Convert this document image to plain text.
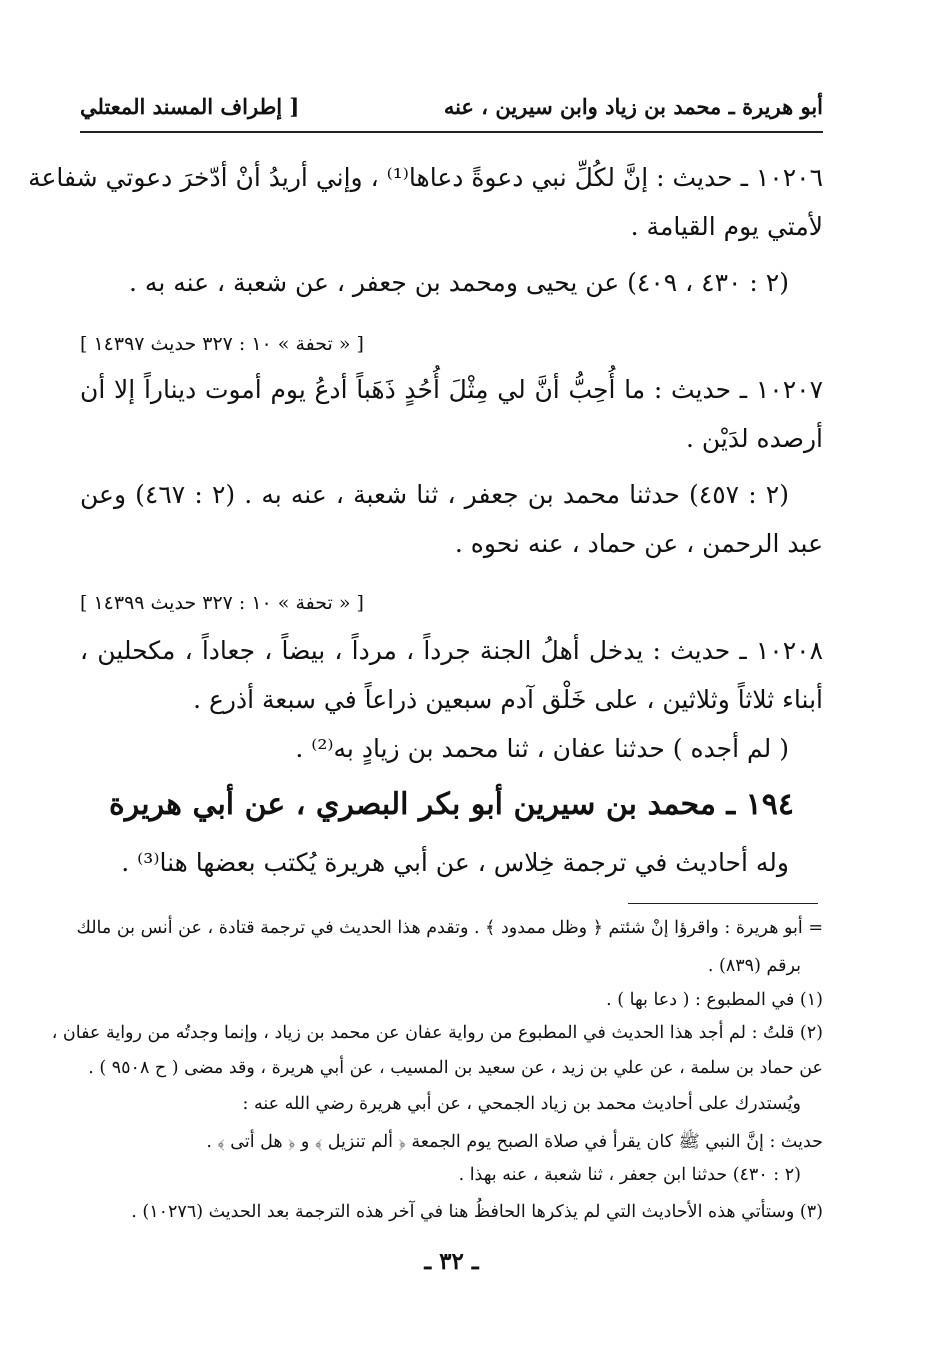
أبو هريرة ـ محمد بن زياد وابن سيرين ، عنه
[ إطراف المسند المعتلي
١٠٢٠٦ ـ حديث : إنَّ لكُلِّ نبي دعوةً دعاها⁽¹⁾ ، وإني أريدُ أنْ أدّخرَ دعوتي شفاعة
لأمتي يوم القيامة .
(٢ : ٤٣٠ ، ٤٠٩) عن يحيى ومحمد بن جعفر ، عن شعبة ، عنه به .
[ « تحفة » ١٠ : ٣٢٧ حديث ١٤٣٩٧ ]
١٠٢٠٧ ـ حديث : ما أُحِبُّ أنَّ لي مِثْلَ أُحُدٍ ذَهَباً أدعُ يوم أموت ديناراً إلا أن
أرصده لدَيْن .
(٢ : ٤٥٧) حدثنا محمد بن جعفر ، ثنا شعبة ، عنه به . (٢ : ٤٦٧) وعن
عبد الرحمن ، عن حماد ، عنه نحوه .
[ « تحفة » ١٠ : ٣٢٧ حديث ١٤٣٩٩ ]
١٠٢٠٨ ـ حديث : يدخل أهلُ الجنة جرداً ، مرداً ، بيضاً ، جعاداً ، مكحلين ،
أبناء ثلاثاً وثلاثين ، على خَلْق آدم سبعين ذراعاً في سبعة أذرع .
( لم أجده ) حدثنا عفان ، ثنا محمد بن زيادٍ به⁽²⁾ .
١٩٤ ـ محمد بن سيرين أبو بكر البصري ، عن أبي هريرة
وله أحاديث في ترجمة خِلاس ، عن أبي هريرة يُكتب بعضها هنا⁽³⁾ .
= أبو هريرة : واقرؤا إنْ شئتم ﴿ وظل ممدود ﴾ . وتقدم هذا الحديث في ترجمة قتادة ، عن أنس بن مالك
برقم (٨٣٩) .
(١) في المطبوع : ( دعا بها ) .
(٢) قلتُ : لم أجد هذا الحديث في المطبوع من رواية عفان عن محمد بن زياد ، وإنما وجدتُه من رواية عفان ،
عن حماد بن سلمة ، عن علي بن زيد ، عن سعيد بن المسيب ، عن أبي هريرة ، وقد مضى ( ح ٩٥٠٨ ) .
ويُستدرك على أحاديث محمد بن زياد الجمحي ، عن أبي هريرة رضي الله عنه :
حديث : إنَّ النبي ﷺ كان يقرأ في صلاة الصبح يوم الجمعة ﴿ ألم تنزيل ﴾ و ﴿ هل أتى ﴾ .
(٢ : ٤٣٠) حدثنا ابن جعفر ، ثنا شعبة ، عنه بهذا .
(٣) وستأتي هذه الأحاديث التي لم يذكرها الحافظُ هنا في آخر هذه الترجمة بعد الحديث (١٠٢٧٦) .
ـ ٣٢ ـ
